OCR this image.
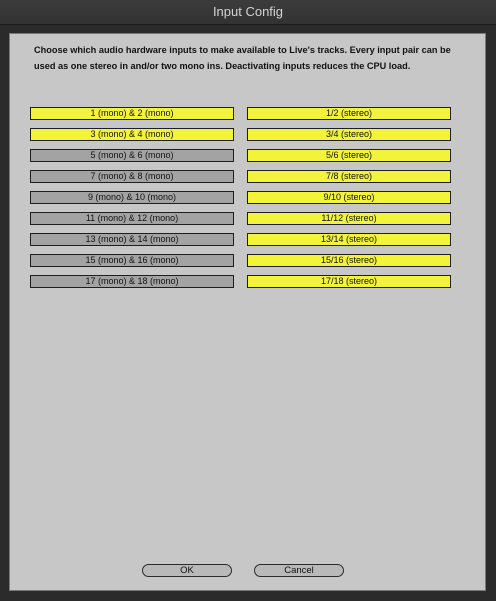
Input Config
Choose which audio hardware inputs to make available to Live's tracks. Every input pair can be used as one stereo in and/or two mono ins. Deactivating inputs reduces the CPU load.
1 (mono) & 2 (mono)	1/2 (stereo)
3 (mono) & 4 (mono)	3/4 (stereo)
5 (mono) & 6 (mono)	5/6 (stereo)
7 (mono) & 8 (mono)	7/8 (stereo)
9 (mono) & 10 (mono)	9/10 (stereo)
11 (mono) & 12 (mono)	11/12 (stereo)
13 (mono) & 14 (mono)	13/14 (stereo)
15 (mono) & 16 (mono)	15/16 (stereo)
17 (mono) & 18 (mono)	17/18 (stereo)
OK	Cancel
